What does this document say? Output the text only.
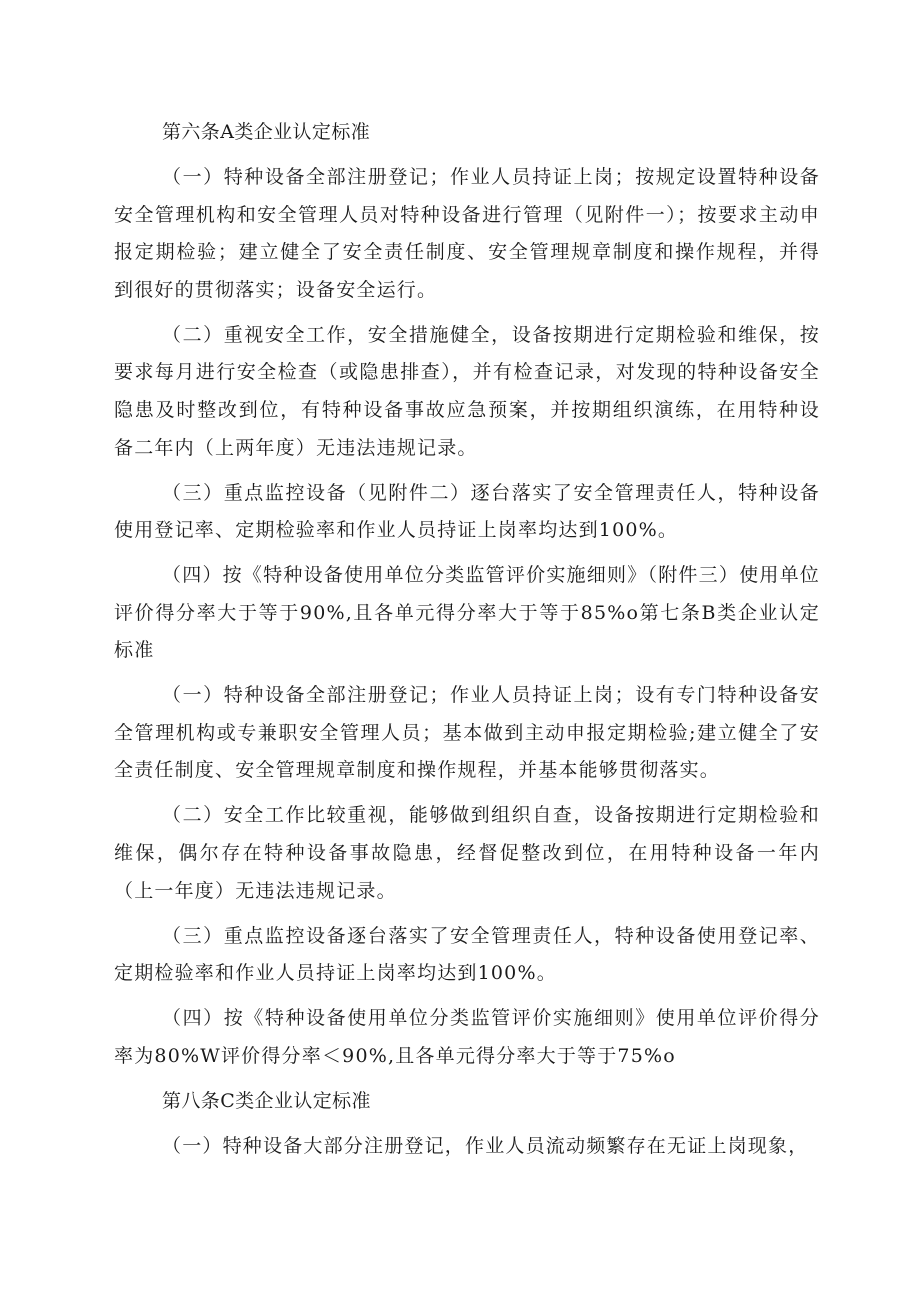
第六条A类企业认定标准

（一）特种设备全部注册登记；作业人员持证上岗；按规定设置特种设备安全管理机构和安全管理人员对特种设备进行管理（见附件一）；按要求主动申报定期检验；建立健全了安全责任制度、安全管理规章制度和操作规程，并得到很好的贯彻落实；设备安全运行。

（二）重视安全工作，安全措施健全，设备按期进行定期检验和维保，按要求每月进行安全检查（或隐患排查），并有检查记录，对发现的特种设备安全隐患及时整改到位，有特种设备事故应急预案，并按期组织演练，在用特种设备二年内（上两年度）无违法违规记录。

（三）重点监控设备（见附件二）逐台落实了安全管理责任人，特种设备使用登记率、定期检验率和作业人员持证上岗率均达到100%。

（四）按《特种设备使用单位分类监管评价实施细则》（附件三）使用单位评价得分率大于等于90%,且各单元得分率大于等于85%o第七条B类企业认定标准

（一）特种设备全部注册登记；作业人员持证上岗；设有专门特种设备安全管理机构或专兼职安全管理人员；基本做到主动申报定期检验;建立健全了安全责任制度、安全管理规章制度和操作规程，并基本能够贯彻落实。

（二）安全工作比较重视，能够做到组织自查，设备按期进行定期检验和维保，偶尔存在特种设备事故隐患，经督促整改到位，在用特种设备一年内（上一年度）无违法违规记录。

（三）重点监控设备逐台落实了安全管理责任人，特种设备使用登记率、定期检验率和作业人员持证上岗率均达到100%。

（四）按《特种设备使用单位分类监管评价实施细则》使用单位评价得分率为80%W评价得分率＜90%,且各单元得分率大于等于75%o

第八条C类企业认定标准

（一）特种设备大部分注册登记，作业人员流动频繁存在无证上岗现象，
